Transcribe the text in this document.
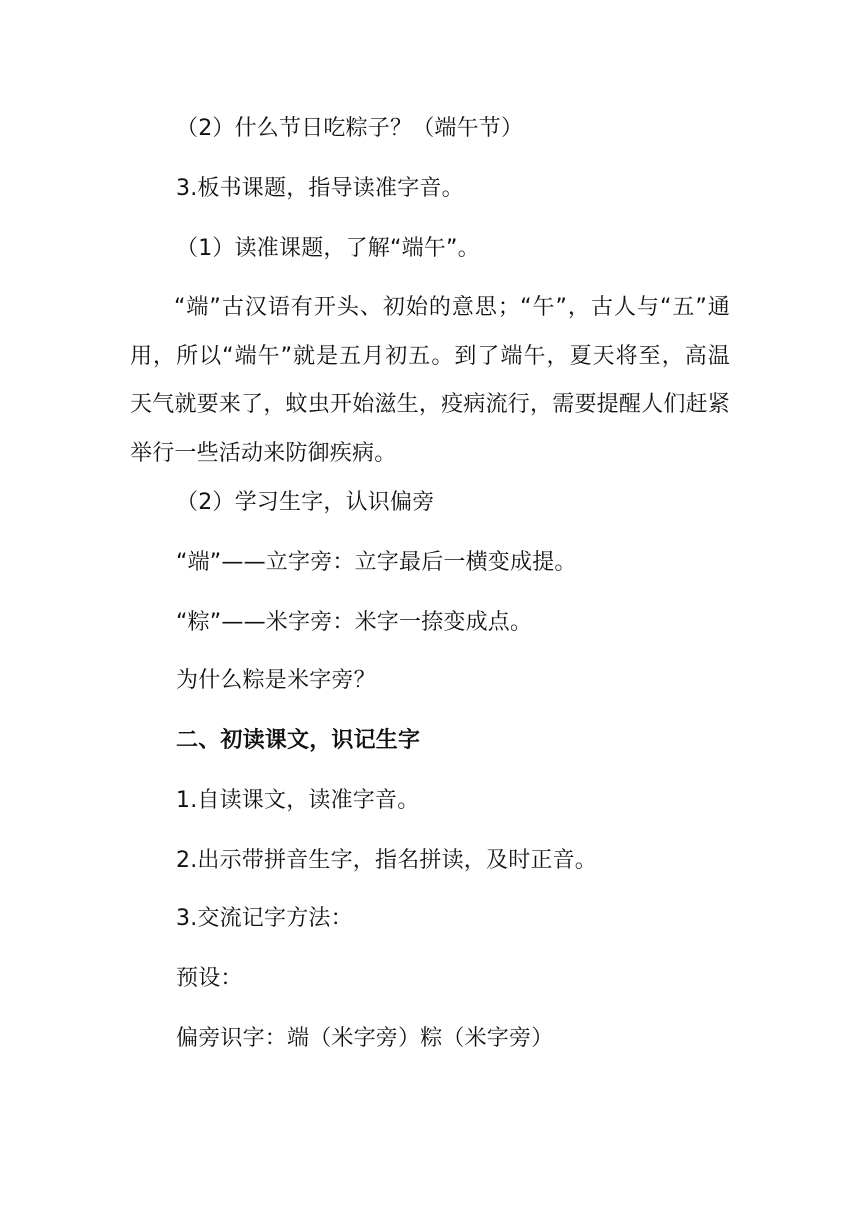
（2）什么节日吃粽子？（端午节）
3.板书课题，指导读准字音。
（1）读准课题，了解“端午”。
“端”古汉语有开头、初始的意思；“午”，古人与“五”通用，所以“端午”就是五月初五。到了端午，夏天将至，高温天气就要来了，蚊虫开始滋生，疫病流行，需要提醒人们赶紧举行一些活动来防御疾病。
（2）学习生字，认识偏旁
“端”——立字旁：立字最后一横变成提。
“粽”——米字旁：米字一捺变成点。
为什么粽是米字旁？
二、初读课文，识记生字
1.自读课文，读准字音。
2.出示带拼音生字，指名拼读，及时正音。
3.交流记字方法：
预设：
偏旁识字：端（米字旁）粽（米字旁）
